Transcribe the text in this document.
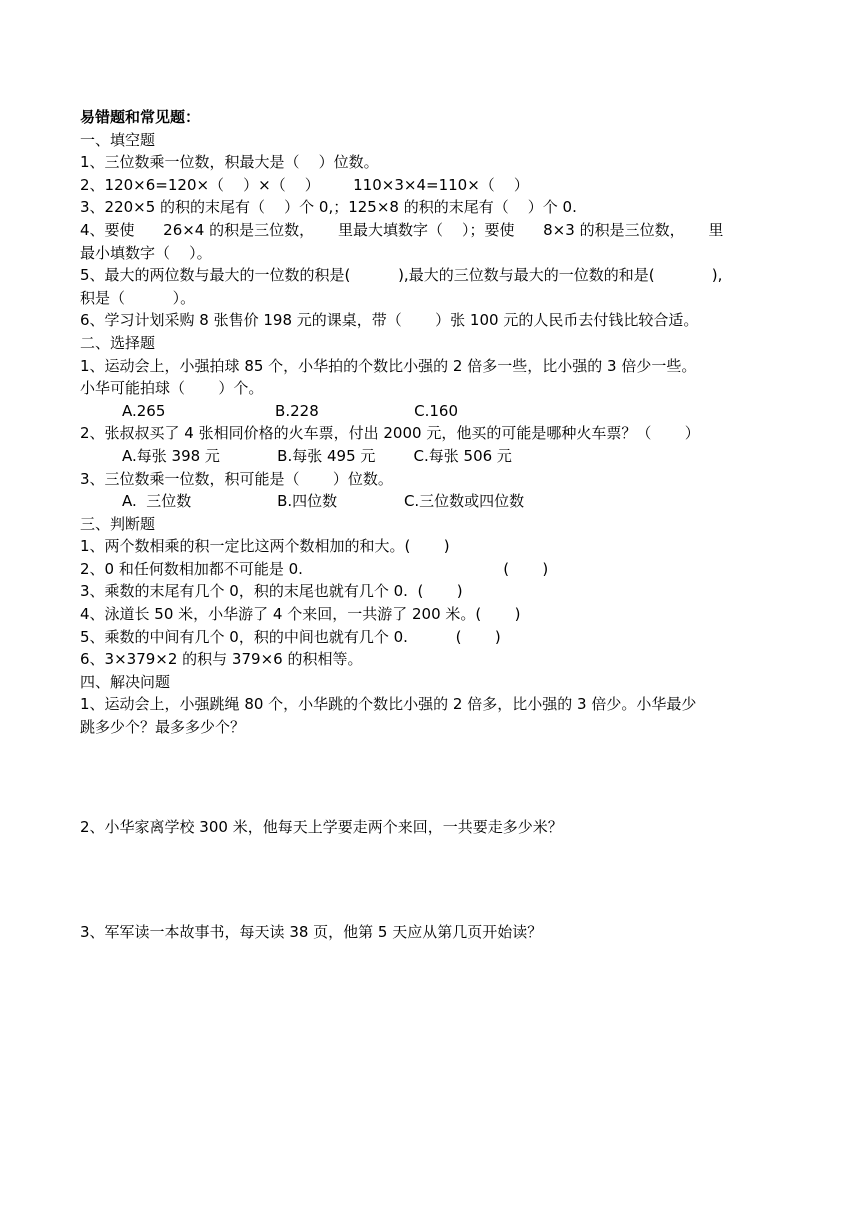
易错题和常见题：
一、填空题
1、三位数乘一位数，积最大是（    ）位数。
2、120×6=120×（    ）×（    ）       110×3×4=110×（    ）
3、220×5 的积的末尾有（    ）个 0,；125×8 的积的末尾有（    ）个 0.
4、要使      26×4 的积是三位数，     里最大填数字（    ）；要使      8×3 的积是三位数，     里
最小填数字（    ）。
5、最大的两位数与最大的一位数的积是(          ),最大的三位数与最大的一位数的和是(            ),
积是（          ）。
6、学习计划采购 8 张售价 198 元的课桌，带（       ）张 100 元的人民币去付钱比较合适。
二、选择题
1、运动会上，小强拍球 85 个，小华拍的个数比小强的 2 倍多一些，比小强的 3 倍少一些。
小华可能拍球（       ）个。
A.265                       B.228                    C.160
2、张叔叔买了 4 张相同价格的火车票，付出 2000 元，他买的可能是哪种火车票？（       ）
A.每张 398 元            B.每张 495 元        C.每张 506 元
3、三位数乘一位数，积可能是（       ）位数。
A.  三位数                  B.四位数              C.三位数或四位数
三、判断题
1、两个数相乘的积一定比这两个数相加的和大。(       )
2、0 和任何数相加都不可能是 0.                                          (       )
3、乘数的末尾有几个 0，积的末尾也就有几个 0.  (       )
4、泳道长 50 米，小华游了 4 个来回，一共游了 200 米。(       )
5、乘数的中间有几个 0，积的中间也就有几个 0.          (       )
6、3×379×2 的积与 379×6 的积相等。
四、解决问题
1、运动会上，小强跳绳 80 个，小华跳的个数比小强的 2 倍多，比小强的 3 倍少。小华最少
跳多少个？最多多少个？
2、小华家离学校 300 米，他每天上学要走两个来回，一共要走多少米？
3、军军读一本故事书，每天读 38 页，他第 5 天应从第几页开始读？
